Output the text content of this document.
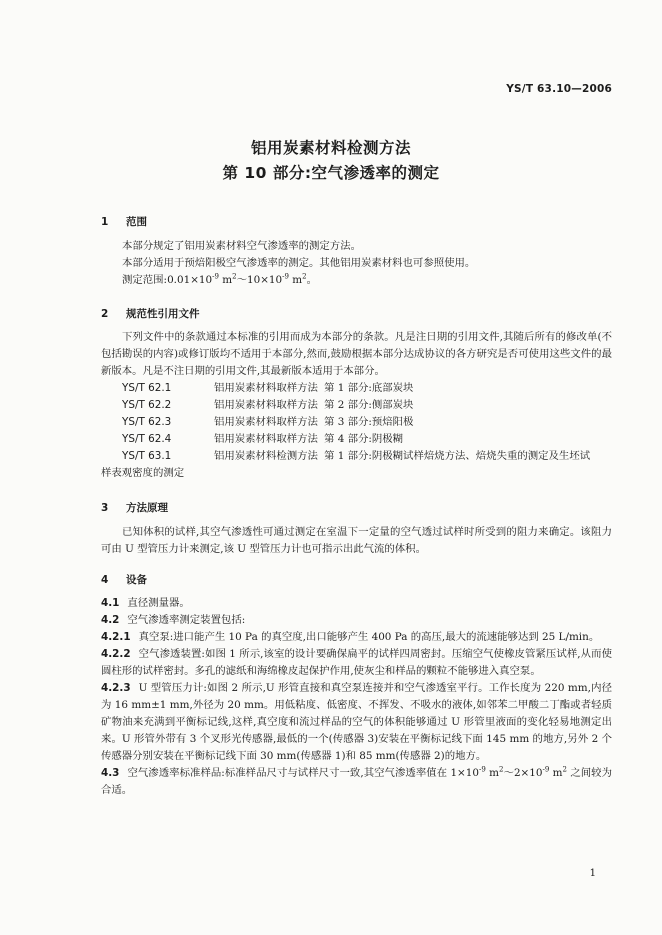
YS/T 63.10—2006
铝用炭素材料检测方法
第 10 部分:空气渗透率的测定
1 范围
本部分规定了铝用炭素材料空气渗透率的测定方法。
本部分适用于预焙阳极空气渗透率的测定。其他铝用炭素材料也可参照使用。
测定范围$:0.01\times 10^{-9}$ $m^2\sim 10\times 10^{-9}$ $m^2$。
2 规范性引用文件
下列文件中的条款通过本标准的引用而成为本部分的条款。凡是注日期的引用文件,其随后所有的修改单(不包括勘误的内容)或修订版均不适用于本部分,然而,鼓励根据本部分达成协议的各方研究是否可使用这些文件的最新版本。凡是不注日期的引用文件,其最新版本适用于本部分。
YS/T 62.1	铝用炭素材料取样方法 第 1 部分:底部炭块
YS/T 62.2	铝用炭素材料取样方法 第 2 部分:侧部炭块
YS/T 62.3	铝用炭素材料取样方法 第 3 部分:预焙阳极
YS/T 62.4	铝用炭素材料取样方法 第 4 部分:阴极糊
YS/T 63.1	铝用炭素材料检测方法 第 1 部分:阴极糊试样焙烧方法、焙烧失重的测定及生坯试
样表观密度的测定
3 方法原理
已知体积的试样,其空气渗透性可通过测定在室温下一定量的空气透过试样时所受到的阻力来确定。该阻力可由 U 型管压力计来测定,该 U 型管压力计也可指示出此气流的体积。
4 设备
4.1 直径测量器。
4.2 空气渗透率测定装置包括:
4.2.1 真空泵:进口能产生 10 Pa 的真空度,出口能够产生 400 Pa 的高压,最大的流速能够达到 25 L/min。
4.2.2 空气渗透装置:如图 1 所示,该室的设计要确保扁平的试样四周密封。压缩空气使橡皮管紧压试样,从而使圆柱形的试样密封。多孔的滤纸和海绵橡皮起保护作用,使灰尘和样品的颗粒不能够进入真空泵。
4.2.3 U 型管压力计:如图 2 所示,U 形管直接和真空泵连接并和空气渗透室平行。工作长度为 220 mm,内径为 16 mm±1 mm,外径为 20 mm。用低粘度、低密度、不挥发、不吸水的液体,如邻苯二甲酸二丁酯或者轻质矿物油来充满到平衡标记线,这样,真空度和流过样品的空气的体积能够通过 U 形管里液面的变化轻易地测定出来。U 形管外带有 3 个叉形光传感器,最低的一个(传感器 3)安装在平衡标记线下面 145 mm 的地方,另外 2 个传感器分别安装在平衡标记线下面 30 mm(传感器 1)和 85 mm(传感器 2)的地方。
4.3 空气渗透率标准样品:标准样品尺寸与试样尺寸一致,其空气渗透率值在 $1\times 10^{-9}$ $m^2\sim 2\times 10^{-9}$ $m^2$ 之间较为合适。
1
